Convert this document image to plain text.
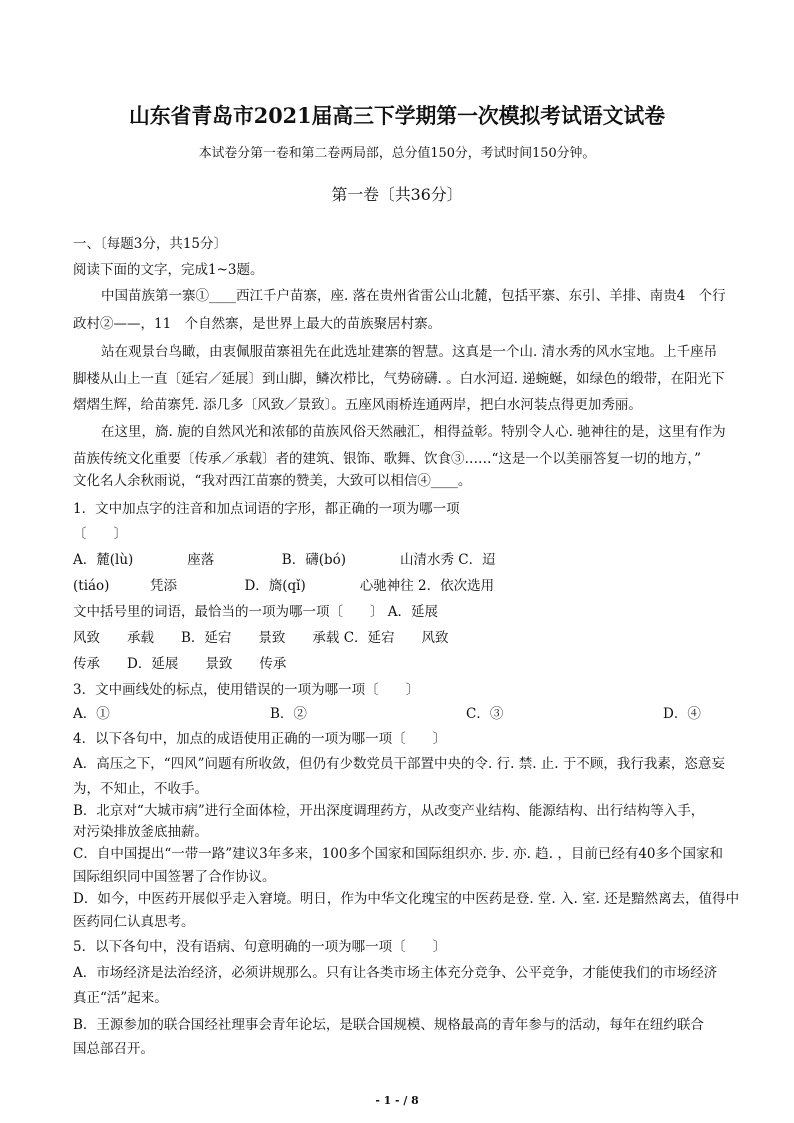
山东省青岛市2021届高三下学期第一次模拟考试语文试卷
本试卷分第一卷和第二卷两局部，总分值150分，考试时间150分钟。
第一卷〔共36分〕
一、〔每题3分，共15分〕
阅读下面的文字，完成1~3题。
中国苗族第一寨①____西江千户苗寨，座. 落在贵州省雷公山北麓，包括平寨、东引、羊排、南贵4　个行
政村②——，11　个自然寨，是世界上最大的苗族聚居村寨。
站在观景台鸟瞰，由衷佩服苗寨祖先在此选址建寨的智慧。这真是一个山. 清水秀的风水宝地。上千座吊
脚楼从山上一直〔延宕／延展〕到山脚，鳞次栉比，气势磅礴. 。白水河迢. 递蜿蜒，如绿色的缎带，在阳光下
熠熠生辉，给苗寨凭. 添几多〔风致／景致〕。五座风雨桥连通两岸，把白水河装点得更加秀丽。
在这里，旖. 旎的自然风光和浓郁的苗族风俗天然融汇，相得益彰。特别令人心. 驰神往的是，这里有作为
苗族传统文化重要〔传承／承载〕者的建筑、银饰、歌舞、饮食③……“这是一个以美丽答复一切的地方，”
文化名人余秋雨说，“我对西江苗寨的赞美，大致可以相信④____。
1．文中加点字的注音和加点词语的字形，都正确的一项为哪一项
〔　　〕
A．麓(lù)　　　　座落　　　　　B．礴(bó)　　　　山清水秀 C．迢
(tiáo)　　　凭添　　　　　D．旖(qǐ)　　　　心驰神往 2．依次选用
文中括号里的词语，最恰当的一项为哪一项〔　　〕 A．延展
风致　　承载　　B．延宕　　景致　　承载 C．延宕　　风致
传承　　D．延展　　景致　　传承
3．文中画线处的标点，使用错误的一项为哪一项〔　　〕
A．①	B．②	C．③	D．④
4．以下各句中，加点的成语使用正确的一项为哪一项〔　　〕
A．高压之下，“四风”问题有所收敛，但仍有少数党员干部置中央的令. 行. 禁. 止. 于不顾，我行我素，恣意妄
为，不知止，不收手。
B．北京对“大城市病”进行全面体检，开出深度调理药方，从改变产业结构、能源结构、出行结构等入手，
对污染排放釜底抽薪。
C．自中国提出“一带一路”建议3年多来，100多个国家和国际组织亦. 步. 亦. 趋. ，目前已经有40多个国家和
国际组织同中国签署了合作协议。
D．如今，中医药开展似乎走入窘境。明日，作为中华文化瑰宝的中医药是登. 堂. 入. 室. 还是黯然离去，值得中
医药同仁认真思考。
5．以下各句中，没有语病、句意明确的一项为哪一项〔　　〕
A．市场经济是法治经济，必须讲规那么。只有让各类市场主体充分竞争、公平竞争，才能使我们的市场经济
真正“活”起来。
B．王源参加的联合国经社理事会青年论坛，是联合国规模、规格最高的青年参与的活动，每年在纽约联合
国总部召开。
- 1 - / 8
